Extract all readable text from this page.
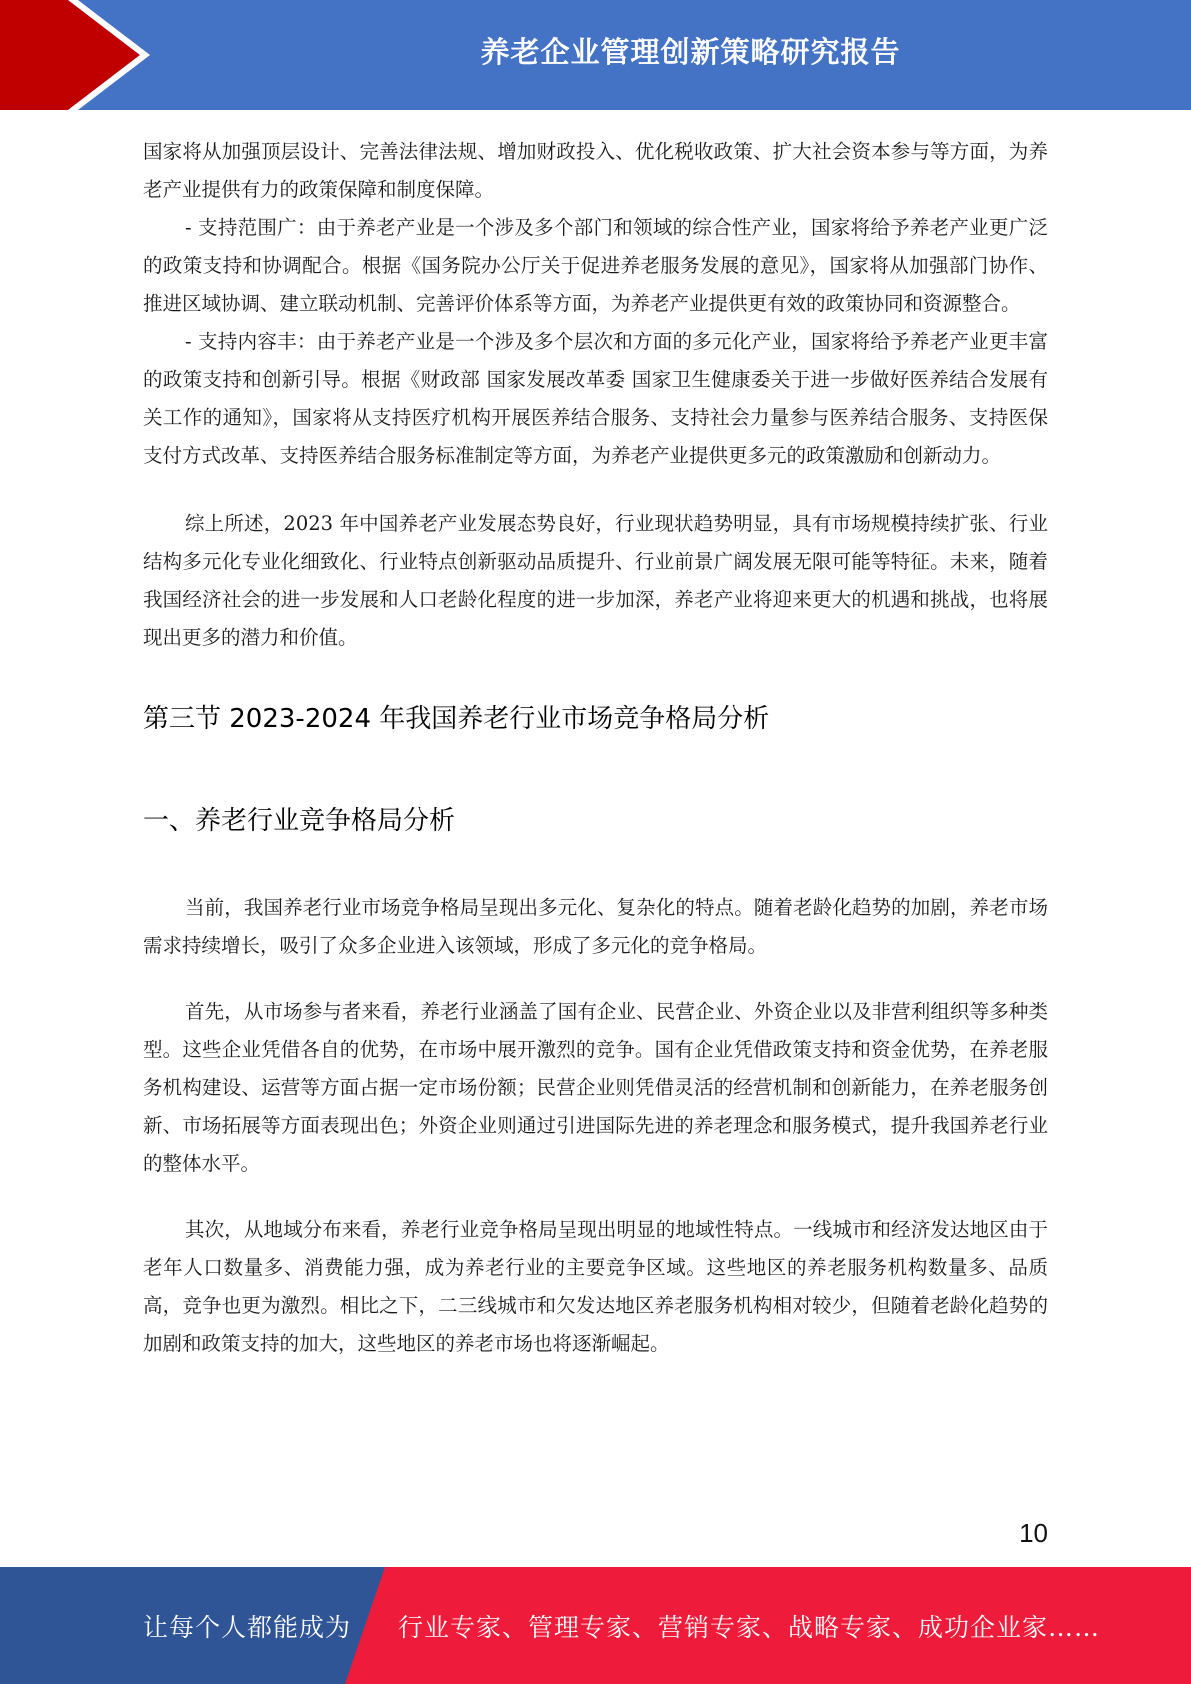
养老企业管理创新策略研究报告

国家将从加强顶层设计、完善法律法规、增加财政投入、优化税收政策、扩大社会资本参与等方面，为养老产业提供有力的政策保障和制度保障。

- 支持范围广：由于养老产业是一个涉及多个部门和领域的综合性产业，国家将给予养老产业更广泛的政策支持和协调配合。根据《国务院办公厅关于促进养老服务发展的意见》，国家将从加强部门协作、推进区域协调、建立联动机制、完善评价体系等方面，为养老产业提供更有效的政策协同和资源整合。

- 支持内容丰：由于养老产业是一个涉及多个层次和方面的多元化产业，国家将给予养老产业更丰富的政策支持和创新引导。根据《财政部 国家发展改革委 国家卫生健康委关于进一步做好医养结合发展有关工作的通知》，国家将从支持医疗机构开展医养结合服务、支持社会力量参与医养结合服务、支持医保支付方式改革、支持医养结合服务标准制定等方面，为养老产业提供更多元的政策激励和创新动力。

综上所述，2023 年中国养老产业发展态势良好，行业现状趋势明显，具有市场规模持续扩张、行业结构多元化专业化细致化、行业特点创新驱动品质提升、行业前景广阔发展无限可能等特征。未来，随着我国经济社会的进一步发展和人口老龄化程度的进一步加深，养老产业将迎来更大的机遇和挑战，也将展现出更多的潜力和价值。

第三节 2023-2024 年我国养老行业市场竞争格局分析
一、养老行业竞争格局分析

当前，我国养老行业市场竞争格局呈现出多元化、复杂化的特点。随着老龄化趋势的加剧，养老市场需求持续增长，吸引了众多企业进入该领域，形成了多元化的竞争格局。

首先，从市场参与者来看，养老行业涵盖了国有企业、民营企业、外资企业以及非营利组织等多种类型。这些企业凭借各自的优势，在市场中展开激烈的竞争。国有企业凭借政策支持和资金优势，在养老服务机构建设、运营等方面占据一定市场份额；民营企业则凭借灵活的经营机制和创新能力，在养老服务创新、市场拓展等方面表现出色；外资企业则通过引进国际先进的养老理念和服务模式，提升我国养老行业的整体水平。

其次，从地域分布来看，养老行业竞争格局呈现出明显的地域性特点。一线城市和经济发达地区由于老年人口数量多、消费能力强，成为养老行业的主要竞争区域。这些地区的养老服务机构数量多、品质高，竞争也更为激烈。相比之下，二三线城市和欠发达地区养老服务机构相对较少，但随着老龄化趋势的加剧和政策支持的加大，这些地区的养老市场也将逐渐崛起。

10
让每个人都能成为 行业专家、管理专家、营销专家、战略专家、成功企业家……
